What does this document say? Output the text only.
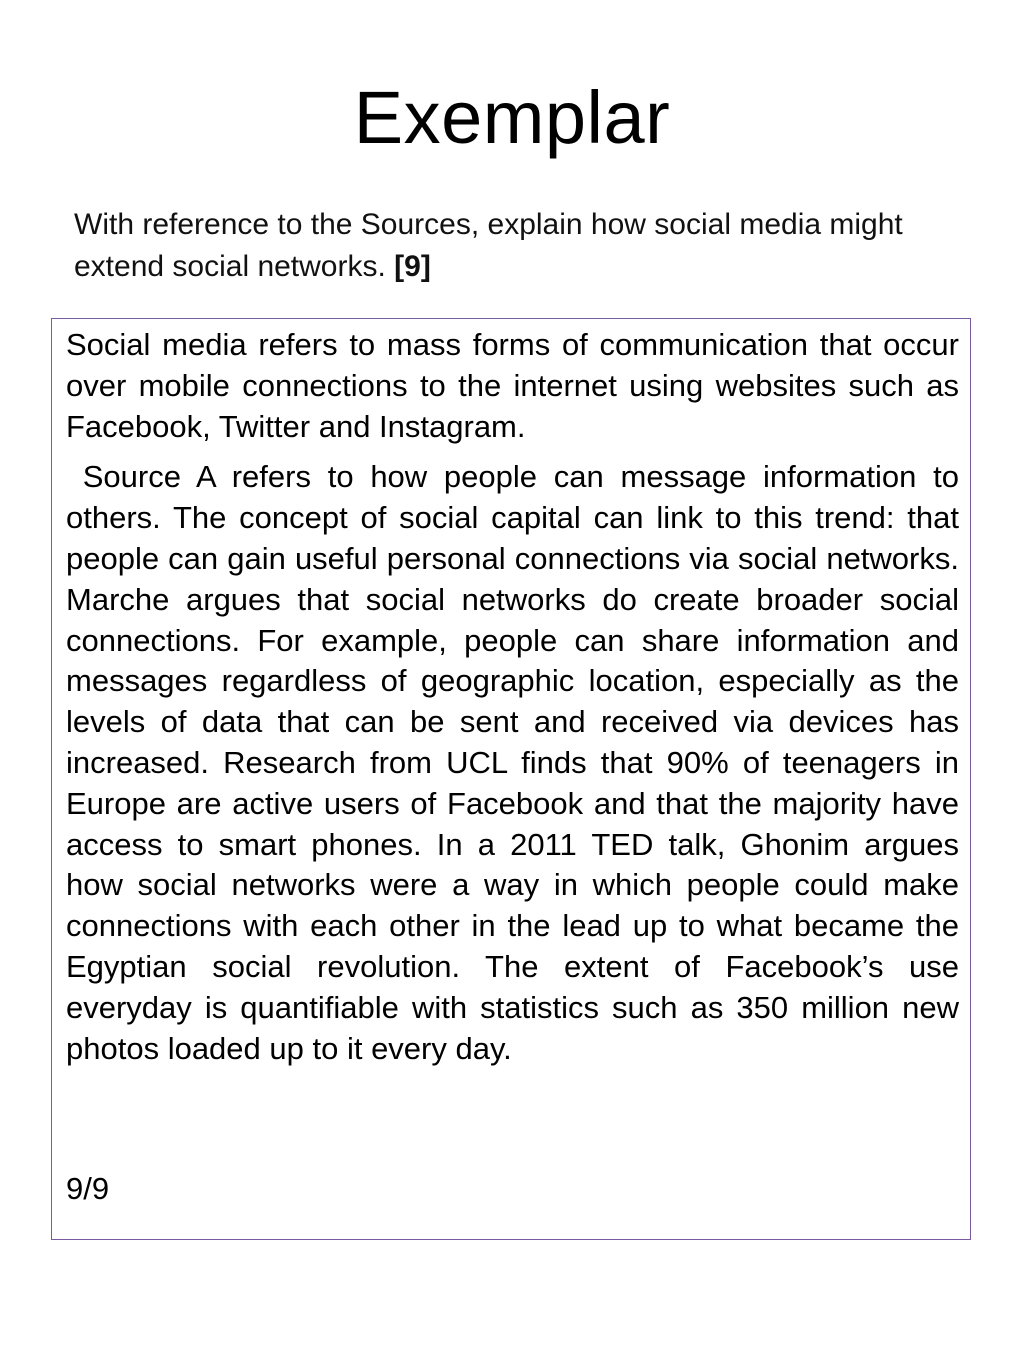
Exemplar
With reference to the Sources, explain how social media might extend social networks. [9]

Social media refers to mass forms of communication that occur over mobile connections to the internet using websites such as Facebook, Twitter and Instagram.

Source A refers to how people can message information to others. The concept of social capital can link to this trend: that people can gain useful personal connections via social networks. Marche argues that social networks do create broader social connections. For example, people can share information and messages regardless of geographic location, especially as the levels of data that can be sent and received via devices has increased. Research from UCL finds that 90% of teenagers in Europe are active users of Facebook and that the majority have access to smart phones. In a 2011 TED talk, Ghonim argues how social networks were a way in which people could make connections with each other in the lead up to what became the Egyptian social revolution. The extent of Facebook’s use everyday is quantifiable with statistics such as 350 million new photos loaded up to it every day.

9/9
